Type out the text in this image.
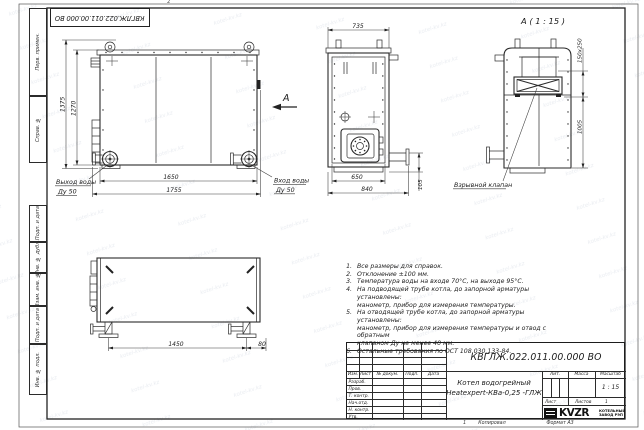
1375 1270
1650
1755
Выход воды
Ду 50
Вход воды
Ду 50
А
735
650
840	105
А ( 1 : 15 )
Взрывной клапан
150x250
1005
1450	80
Перв. примен.
Справ. №
Подп. и дата
Инв. № дубл.
Взам. инв. №
Подп. и дата
Инв. № подл.
КВГЛЖ.022.011.00.000 ВО
2
1
1. Все размеры для справок.
2. Отклонение ±100 мм.
3. Температура воды на входе 70°С, на выходе 95°С.
4. На подводящей трубе котла, до запорной арматуры установлены:
манометр, прибор для измерения температуры.
5. На отводящей трубе котла, до запорной арматуры установлены:
манометр, прибор для измерения температуры и отвод с обратным
клапаном Ду не менее 40 мм.
6. Остальные требования по ОСТ 108.030.133-84.
Изм. Лист	№ докум.	Подп.	Дата
Разраб.
Пров.
Т. контр.
Нач.отд.
Н. контр.
Утв.
КВГЛЖ.022.011.00.000 ВО
Котел водогрейный
Heatexpert-КВа-0,25 -ГЛЖ
Лит.	Масса	Масштаб
1 : 15
Лист	Листов	1
KVZR	КОТЕЛЬНЫЙ
ЗАВОД РЭП
Копировал	Формат А3
